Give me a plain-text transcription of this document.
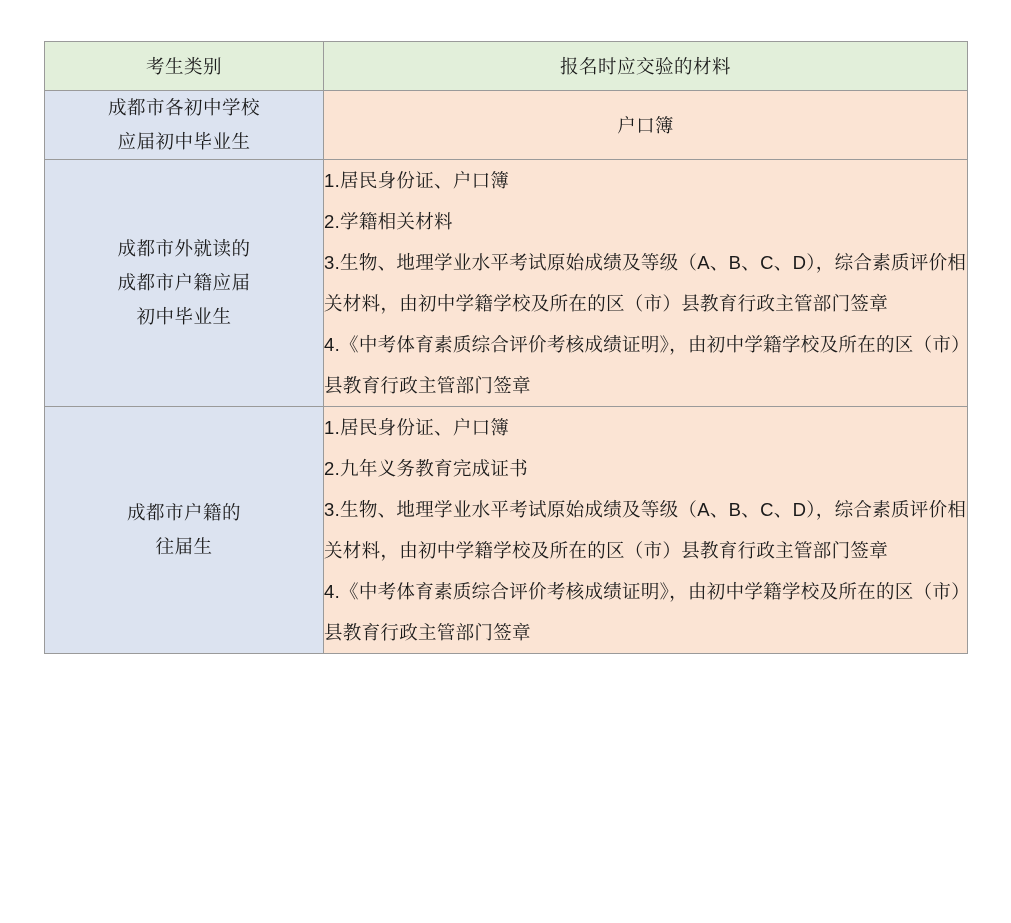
考生类别	报名时应交验的材料

成都市各初中学校
应届初中毕业生	户口簿

成都市外就读的
成都市户籍应届
初中毕业生	1.居民身份证、户口簿
2.学籍相关材料
3.生物、地理学业水平考试原始成绩及等级（A、B、C、D），综合素质评价相关材料，由初中学籍学校及所在的区（市）县教育行政主管部门签章
4.《中考体育素质综合评价考核成绩证明》，由初中学籍学校及所在的区（市）县教育行政主管部门签章

成都市户籍的
往届生	1.居民身份证、户口簿
2.九年义务教育完成证书
3.生物、地理学业水平考试原始成绩及等级（A、B、C、D），综合素质评价相关材料，由初中学籍学校及所在的区（市）县教育行政主管部门签章
4.《中考体育素质综合评价考核成绩证明》，由初中学籍学校及所在的区（市）县教育行政主管部门签章
